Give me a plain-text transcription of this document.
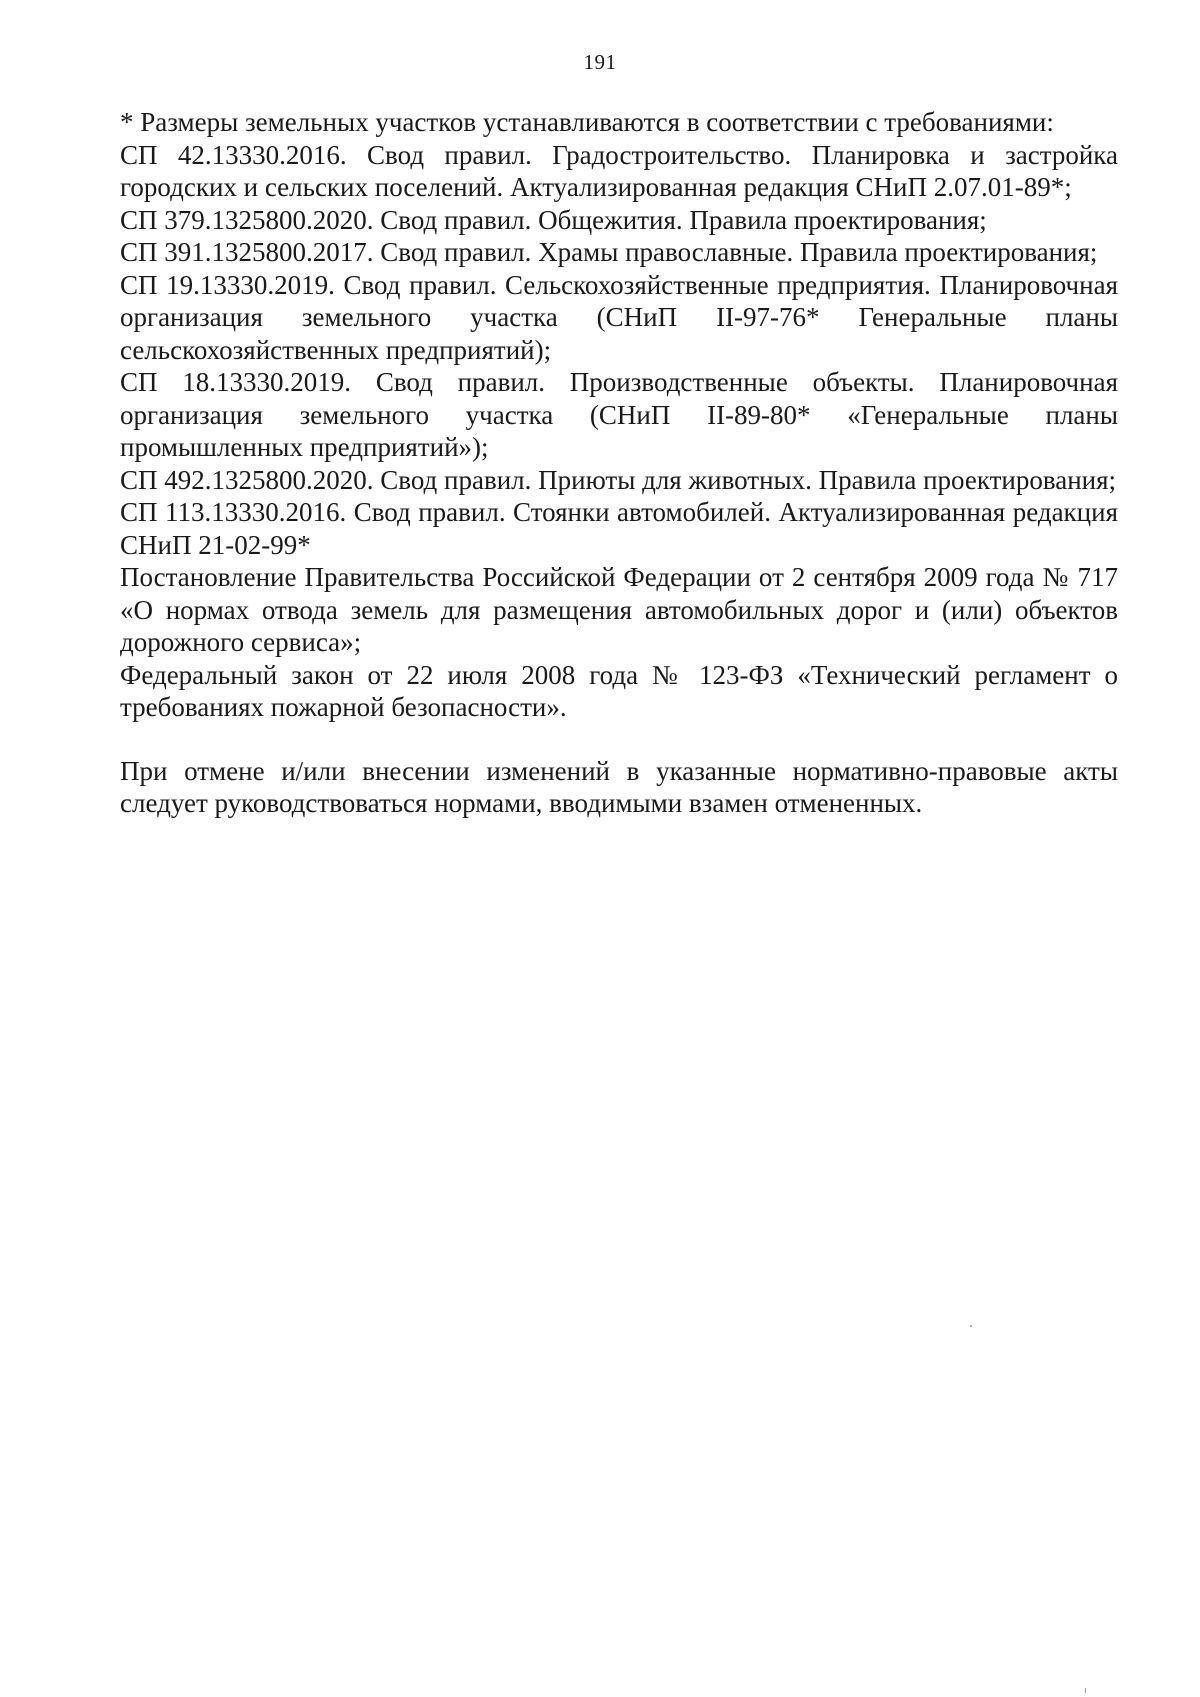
191

* Размеры земельных участков устанавливаются в соответствии с требованиями:

СП 42.13330.2016. Свод правил. Градостроительство. Планировка и застройка городских и сельских поселений. Актуализированная редакция СНиП 2.07.01-89*;

СП 379.1325800.2020. Свод правил. Общежития. Правила проектирования;

СП 391.1325800.2017. Свод правил. Храмы православные. Правила проектирования;

СП 19.13330.2019. Свод правил. Сельскохозяйственные предприятия. Планировочная организация земельного участка (СНиП II-97-76* Генеральные планы сельскохозяйственных предприятий);

СП 18.13330.2019. Свод правил. Производственные объекты. Планировочная организация земельного участка (СНиП II-89-80* «Генеральные планы промышленных предприятий»);

СП 492.1325800.2020. Свод правил. Приюты для животных. Правила проектирования;

СП 113.13330.2016. Свод правил. Стоянки автомобилей. Актуализированная редакция СНиП 21-02-99*

Постановление Правительства Российской Федерации от 2 сентября 2009 года № 717 «О нормах отвода земель для размещения автомобильных дорог и (или) объектов дорожного сервиса»;

Федеральный закон от 22 июля 2008 года № 123-ФЗ «Технический регламент о требованиях пожарной безопасности».

При отмене и/или внесении изменений в указанные нормативно-правовые акты следует руководствоваться нормами, вводимыми взамен отмененных.
